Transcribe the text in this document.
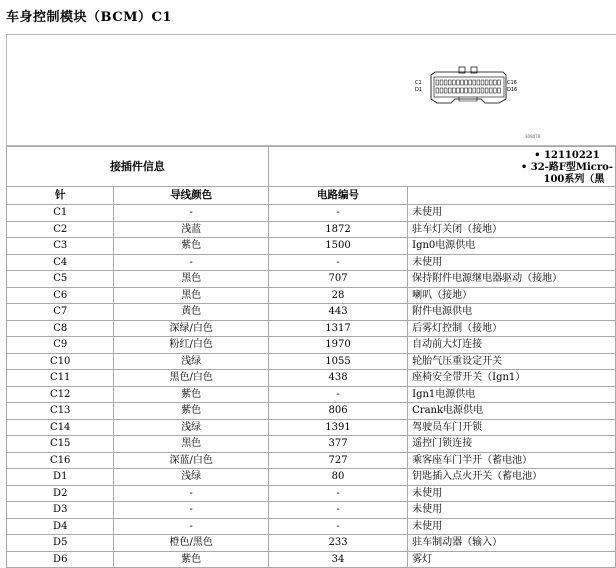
车身控制模块（BCM）C1
C1
D1
C16
D16
308078
接插件信息		• 12110221
• 32-路F型Micro-
100系列（黑	

针	导线颜色	电路编号	
C1	-	-	未使用
C2	浅蓝	1872	驻车灯关闭（接地）
C3	紫色	1500	Ign0电源供电
C4	-	-	未使用
C5	黑色	707	保持附件电源继电器驱动（接地）
C6	黑色	28	喇叭（接地）
C7	黄色	443	附件电源供电
C8	深绿/白色	1317	后雾灯控制（接地）
C9	粉红/白色	1970	自动前大灯连接
C10	浅绿	1055	轮胎气压重设定开关
C11	黑色/白色	438	座椅安全带开关（Ign1）
C12	紫色	-	Ign1电源供电
C13	紫色	806	Crank电源供电
C14	浅绿	1391	驾驶员车门开锁
C15	黑色	377	遥控门锁连接
C16	深蓝/白色	727	乘客座车门半开（蓄电池）
D1	浅绿	80	钥匙插入点火开关（蓄电池）
D2	-	-	未使用
D3	-	-	未使用
D4	-	-	未使用
D5	橙色/黑色	233	驻车制动器（输入）
D6	紫色	34	雾灯
